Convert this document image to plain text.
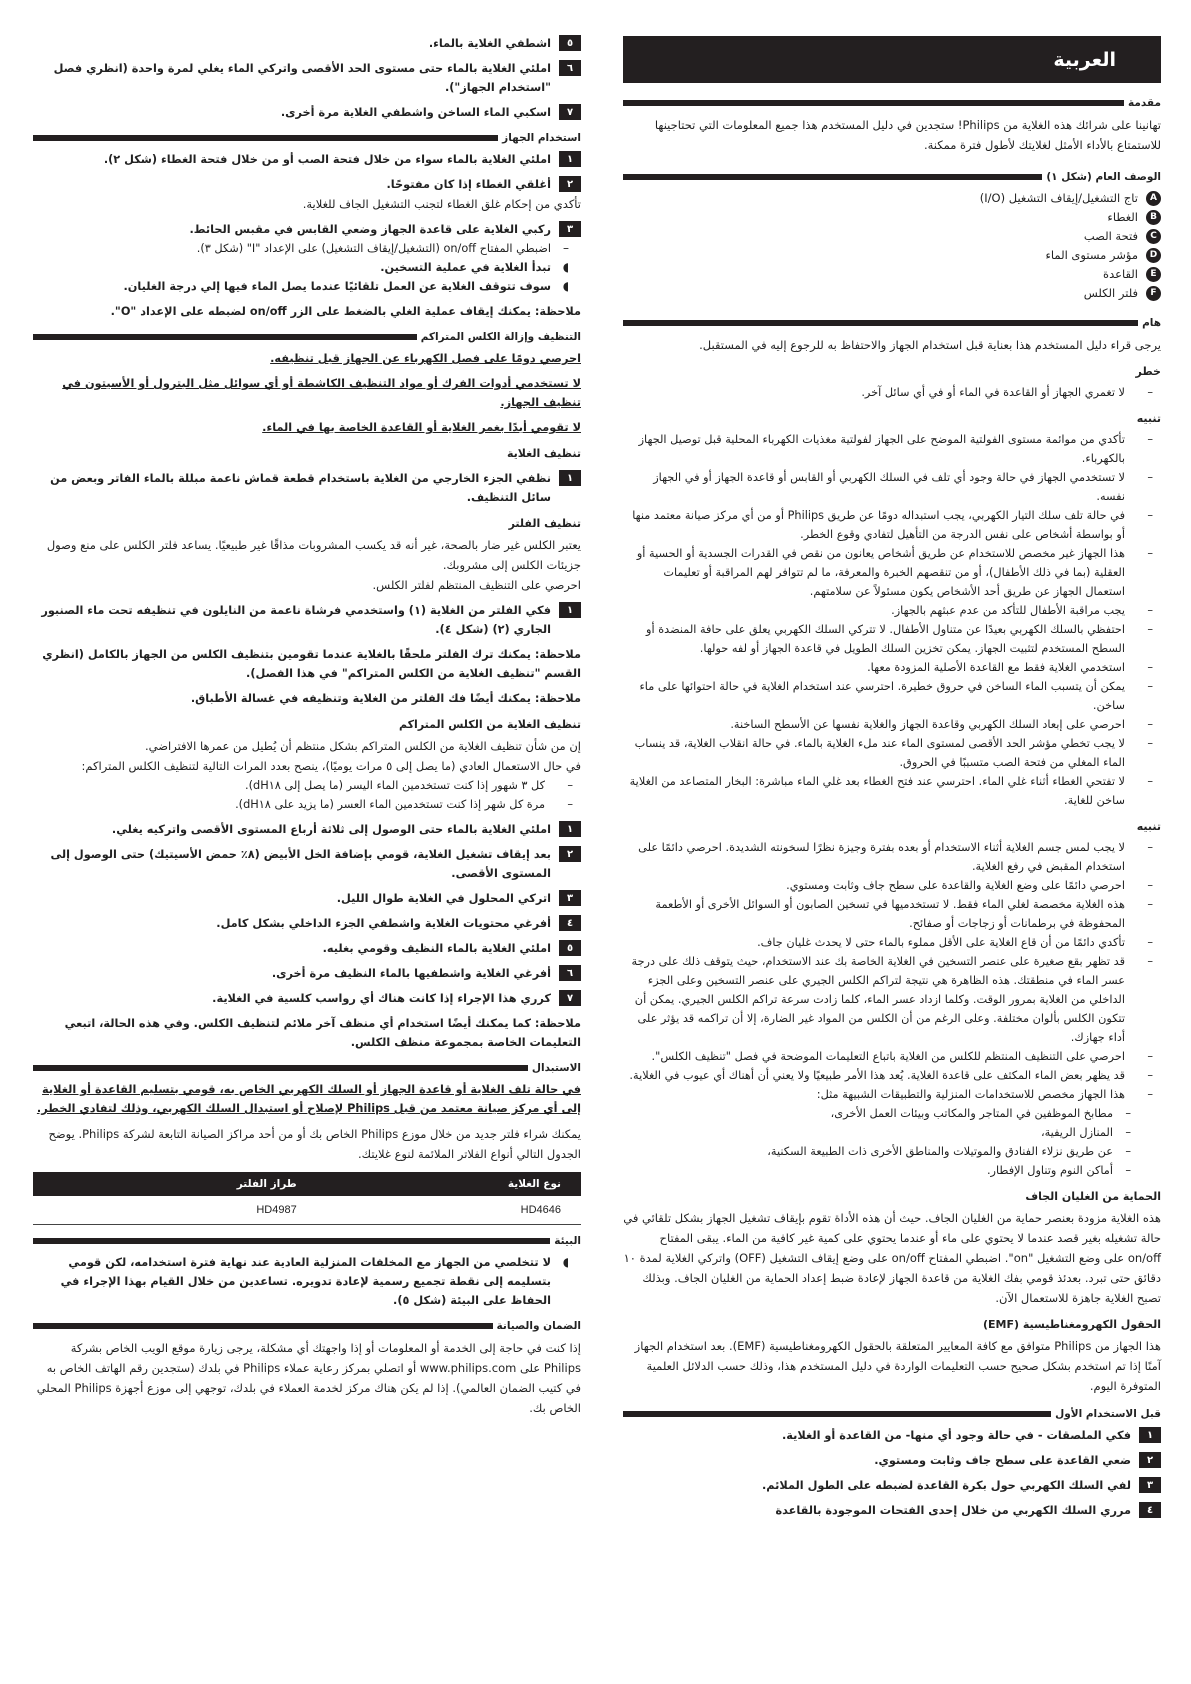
العربية
مقدمة

تهانينا على شرائك هذه الغلاية من Philips! ستجدين في دليل المستخدم هذا جميع المعلومات التي تحتاجينها للاستمتاع بالأداء الأمثل لغلايتك لأطول فترة ممكنة.

الوصف العام (شكل ١)
A
تاج التشغيل/إيقاف التشغيل (I/O)
B
الغطاء
C
فتحة الصب
D
مؤشر مستوى الماء
E
القاعدة
F
فلتر الكلس
هام

يرجى قراء دليل المستخدم هذا بعناية قبل استخدام الجهاز والاحتفاظ به للرجوع إليه في المستقبل.

خطر
– لا تغمري الجهاز أو القاعدة في الماء أو في أي سائل آخر.
تنبيه
– تأكدي من موائمة مستوى الفولتية الموضح على الجهاز لفولتية مغذيات الكهرباء المحلية قبل توصيل الجهاز بالكهرباء.
– لا تستخدمي الجهاز في حالة وجود أي تلف في السلك الكهربي أو القابس أو قاعدة الجهاز أو في الجهاز نفسه.
– في حالة تلف سلك التيار الكهربي، يجب استبداله دومًا عن طريق Philips أو من أي مركز صيانة معتمد منها أو بواسطة أشخاص على نفس الدرجة من التأهيل لتفادي وقوع الخطر.
– هذا الجهاز غير مخصص للاستخدام عن طريق أشخاص يعانون من نقص في القدرات الجسدية أو الحسية أو العقلية (بما في ذلك الأطفال)، أو من تنقصهم الخبرة والمعرفة، ما لم تتوافر لهم المراقبة أو تعليمات استعمال الجهاز عن طريق أحد الأشخاص يكون مسئولاً عن سلامتهم.
– يجب مراقبة الأطفال للتأكد من عدم عبثهم بالجهاز.
– احتفظي بالسلك الكهربي بعيدًا عن متناول الأطفال. لا تتركي السلك الكهربي يعلق على حافة المنضدة أو السطح المستخدم لتثبيت الجهاز. يمكن تخزين السلك الطويل في قاعدة الجهاز أو لفه حولها.
– استخدمي الغلاية فقط مع القاعدة الأصلية المزودة معها.
– يمكن أن يتسبب الماء الساخن في حروق خطيرة. احترسي عند استخدام الغلاية في حالة احتوائها على ماء ساخن.
– احرصي على إبعاد السلك الكهربي وقاعدة الجهاز والغلاية نفسها عن الأسطح الساخنة.
– لا يجب تخطي مؤشر الحد الأقصى لمستوى الماء عند ملء الغلاية بالماء. في حالة انقلاب الغلاية، قد ينساب الماء المغلي من فتحة الصب متسببًا في الحروق.
– لا تفتحي الغطاء أثناء غلي الماء. احترسي عند فتح الغطاء بعد غلي الماء مباشرة: البخار المتصاعد من الغلاية ساخن للغاية.
تنبيه
– لا يجب لمس جسم الغلاية أثناء الاستخدام أو بعده بفترة وجيزة نظرًا لسخونته الشديدة. احرصي دائمًا على استخدام المقبض في رفع الغلاية.
– احرصي دائمًا على وضع الغلاية والقاعدة على سطح جاف وثابت ومستوي.
– هذه الغلاية مخصصة لغلي الماء فقط. لا تستخدميها في تسخين الصابون أو السوائل الأخرى أو الأطعمة المحفوظة في برطمانات أو زجاجات أو صفائح.
– تأكدي دائمًا من أن قاع الغلاية على الأقل مملوء بالماء حتى لا يحدث غليان جاف.
– قد تظهر بقع صغيرة على عنصر التسخين في الغلاية الخاصة بك عند الاستخدام، حيث يتوقف ذلك على درجة عسر الماء في منطقتك. هذه الظاهرة هي نتيجة لتراكم الكلس الجيري على عنصر التسخين وعلى الجزء الداخلي من الغلاية بمرور الوقت. وكلما ازداد عسر الماء، كلما زادت سرعة تراكم الكلس الجيري. يمكن أن تتكون الكلس بألوان مختلفة. وعلى الرغم من أن الكلس من المواد غير الضارة، إلا أن تراكمه قد يؤثر على أداء جهازك.
– احرصي على التنظيف المنتظم للكلس من الغلاية باتباع التعليمات الموضحة في فصل "تنظيف الكلس".
– قد يظهر بعض الماء المكثف على قاعدة الغلاية. يُعد هذا الأمر طبيعيًا ولا يعني أن أهناك أي عيوب في الغلاية.
– هذا الجهاز مخصص للاستخدامات المنزلية والتطبيقات الشبيهة مثل:
– مطابخ الموظفين في المتاجر والمكاتب وبيئات العمل الأخرى،
– المنازل الريفية،
– عن طريق نزلاء الفنادق والموتيلات والمناطق الأخرى ذات الطبيعة السكنية،
– أماكن النوم وتناول الإفطار.
الحماية من الغليان الجاف

هذه الغلاية مزودة بعنصر حماية من الغليان الجاف. حيث أن هذه الأداة تقوم بإيقاف تشغيل الجهاز بشكل تلقائي في حالة تشغيله بغير قصد عندما لا يحتوي على ماء أو عندما يحتوي على كمية غير كافية من الماء. يبقى المفتاح on/off على وضع التشغيل "on". اضبطي المفتاح on/off على وضع إيقاف التشغيل (OFF) واتركي الغلاية لمدة ١٠ دقائق حتى تبرد. بعدئذ قومي بفك الغلاية من قاعدة الجهاز لإعادة ضبط إعداد الحماية من الغليان الجاف. وبذلك تصبح الغلاية جاهزة للاستعمال الآن.

الحقول الكهرومغناطيسية (EMF)

هذا الجهاز من Philips متوافق مع كافة المعايير المتعلقة بالحقول الكهرومغناطيسية (EMF). بعد استخدام الجهاز آمنًا إذا تم استخدم بشكل صحيح حسب التعليمات الواردة في دليل المستخدم هذا، وذلك حسب الدلائل العلمية المتوفرة اليوم.

قبل الاستخدام الأول
١
فكي الملصقات - في حالة وجود أي منها- من القاعدة أو الغلاية.
٢
ضعي القاعدة على سطح جاف وثابت ومستوي.
٣
لفي السلك الكهربي حول بكرة القاعدة لضبطه على الطول الملائم.
٤
مرري السلك الكهربي من خلال إحدى الفتحات الموجودة بالقاعدة
٥
اشطفي الغلاية بالماء.
٦
املئي الغلاية بالماء حتى مستوى الحد الأقصى واتركي الماء يغلي لمرة واحدة (انظري فصل "استخدام الجهاز").
٧
اسكبي الماء الساخن واشطفي الغلاية مرة أخرى.
استخدام الجهاز
١
املئي الغلاية بالماء سواء من خلال فتحة الصب أو من خلال فتحة الغطاء (شكل ٢).
٢
أغلقي الغطاء إذا كان مفتوحًا.

تأكدي من إحكام غلق الغطاء لتجنب التشغيل الجاف للغلاية.

٣
ركبي الغلاية على قاعدة الجهاز وضعي القابس في مقبس الحائط.
–
اضبطي المفتاح on/off (التشغيل/إيقاف التشغيل) على الإعداد "I" (شكل ٣).
◖
تبدأ الغلاية في عملية التسخين.
◖
سوف تتوقف الغلاية عن العمل تلقائيًا عندما يصل الماء فيها إلي درجة الغليان.

ملاحظة: يمكنك إيقاف عملية الغلي بالضغط على الزر on/off لضبطه على الإعداد "O".

التنظيف وإزالة الكلس المتراكم

احرصي دومًا على فصل الكهرباء عن الجهاز قبل تنظيفه.

لا تستخدمي أدوات الفرك أو مواد التنظيف الكاشطة أو أي سوائل مثل البترول أو الأسيتون في تنظيف الجهاز.

لا تقومي أبدًا بغمر الغلاية أو القاعدة الخاصة بها في الماء.

تنظيف الغلاية
١
نظفي الجزء الخارجي من الغلاية باستخدام قطعة قماش ناعمة مبللة بالماء الفاتر وبعض من سائل التنظيف.
تنظيف الفلتر

يعتبر الكلس غير ضار بالصحة، غير أنه قد يكسب المشروبات مذاقًا غير طبيعيًا. يساعد فلتر الكلس على منع وصول جزيئات الكلس إلى مشروبك.

احرصي على التنظيف المنتظم لفلتر الكلس.

١
فكي الفلتر من الغلاية (١) واستخدمي فرشاة ناعمة من النايلون في تنظيفه تحت ماء الصنبور الجاري (٢) (شكل ٤).

ملاحظة: يمكنك ترك الفلتر ملحقًا بالغلاية عندما تقومين بتنظيف الكلس من الجهاز بالكامل (انظري القسم "تنظيف الغلاية من الكلس المتراكم" في هذا الفصل).

ملاحظة: يمكنك أيضًا فك الفلتر من الغلاية وتنظيفه في غسالة الأطباق.

تنظيف الغلاية من الكلس المتراكم

إن من شأن تنظيف الغلاية من الكلس المتراكم بشكل منتظم أن يُطيل من عمرها الافتراضي.

في حال الاستعمال العادي (ما يصل إلى ٥ مرات يوميًا)، ينصح بعدد المرات التالية لتنظيف الكلس المتراكم:

– كل ٣ شهور إذا كنت تستخدمين الماء اليسر (ما يصل إلى dH١٨).
– مرة كل شهر إذا كنت تستخدمين الماء العسر (ما يزيد على dH١٨).
١
املئي الغلاية بالماء حتى الوصول إلى ثلاثة أرباع المستوى الأقصى واتركيه يغلي.
٢
بعد إيقاف تشغيل الغلاية، قومي بإضافة الخل الأبيض (٨٪ حمض الأسيتيك) حتى الوصول إلى المستوى الأقصى.
٣
اتركي المحلول في الغلاية طوال الليل.
٤
أفرغي محتويات الغلاية واشطفي الجزء الداخلي بشكل كامل.
٥
املئي الغلاية بالماء النظيف وقومي بغليه.
٦
أفرغي الغلاية واشطفيها بالماء النظيف مرة أخرى.
٧
كرري هذا الإجراء إذا كانت هناك أي رواسب كلسية في الغلاية.

ملاحظة: كما يمكنك أيضًا استخدام أي منظف آخر ملائم لتنظيف الكلس. وفي هذه الحالة، اتبعي التعليمات الخاصة بمجموعة منظف الكلس.

الاستبدال

في حالة تلف الغلاية أو قاعدة الجهاز أو السلك الكهربي الخاص به، قومي بتسليم القاعدة أو الغلاية إلى أي مركز صيانة معتمد من قبل Philips لإصلاح أو استبدال السلك الكهربي، وذلك لتفادي الخطر.

يمكنك شراء فلتر جديد من خلال موزع Philips الخاص بك أو من أحد مراكز الصيانة التابعة لشركة Philips. يوضح الجدول التالي أنواع الفلاتر الملائمة لنوع غلايتك.

نوع الغلاية	طراز الفلتر
HD4646	HD4987
البيئة
◖
لا تتخلصي من الجهاز مع المخلفات المنزلية العادية عند نهاية فترة استخدامه، لكن قومي بتسليمه إلى نقطة تجميع رسمية لإعادة تدويره. تساعدين من خلال القيام بهذا الإجراء في الحفاظ على البيئة (شكل ٥).
الضمان والصيانة

إذا كنت في حاجة إلى الخدمة أو المعلومات أو إذا واجهتك أي مشكلة، يرجى زيارة موقع الويب الخاص بشركة Philips على www.philips.com أو اتصلي بمركز رعاية عملاء Philips في بلدك (ستجدين رقم الهاتف الخاص به في كتيب الضمان العالمي). إذا لم يكن هناك مركز لخدمة العملاء في بلدك، توجهي إلى موزع أجهزة Philips المحلي الخاص بك.
